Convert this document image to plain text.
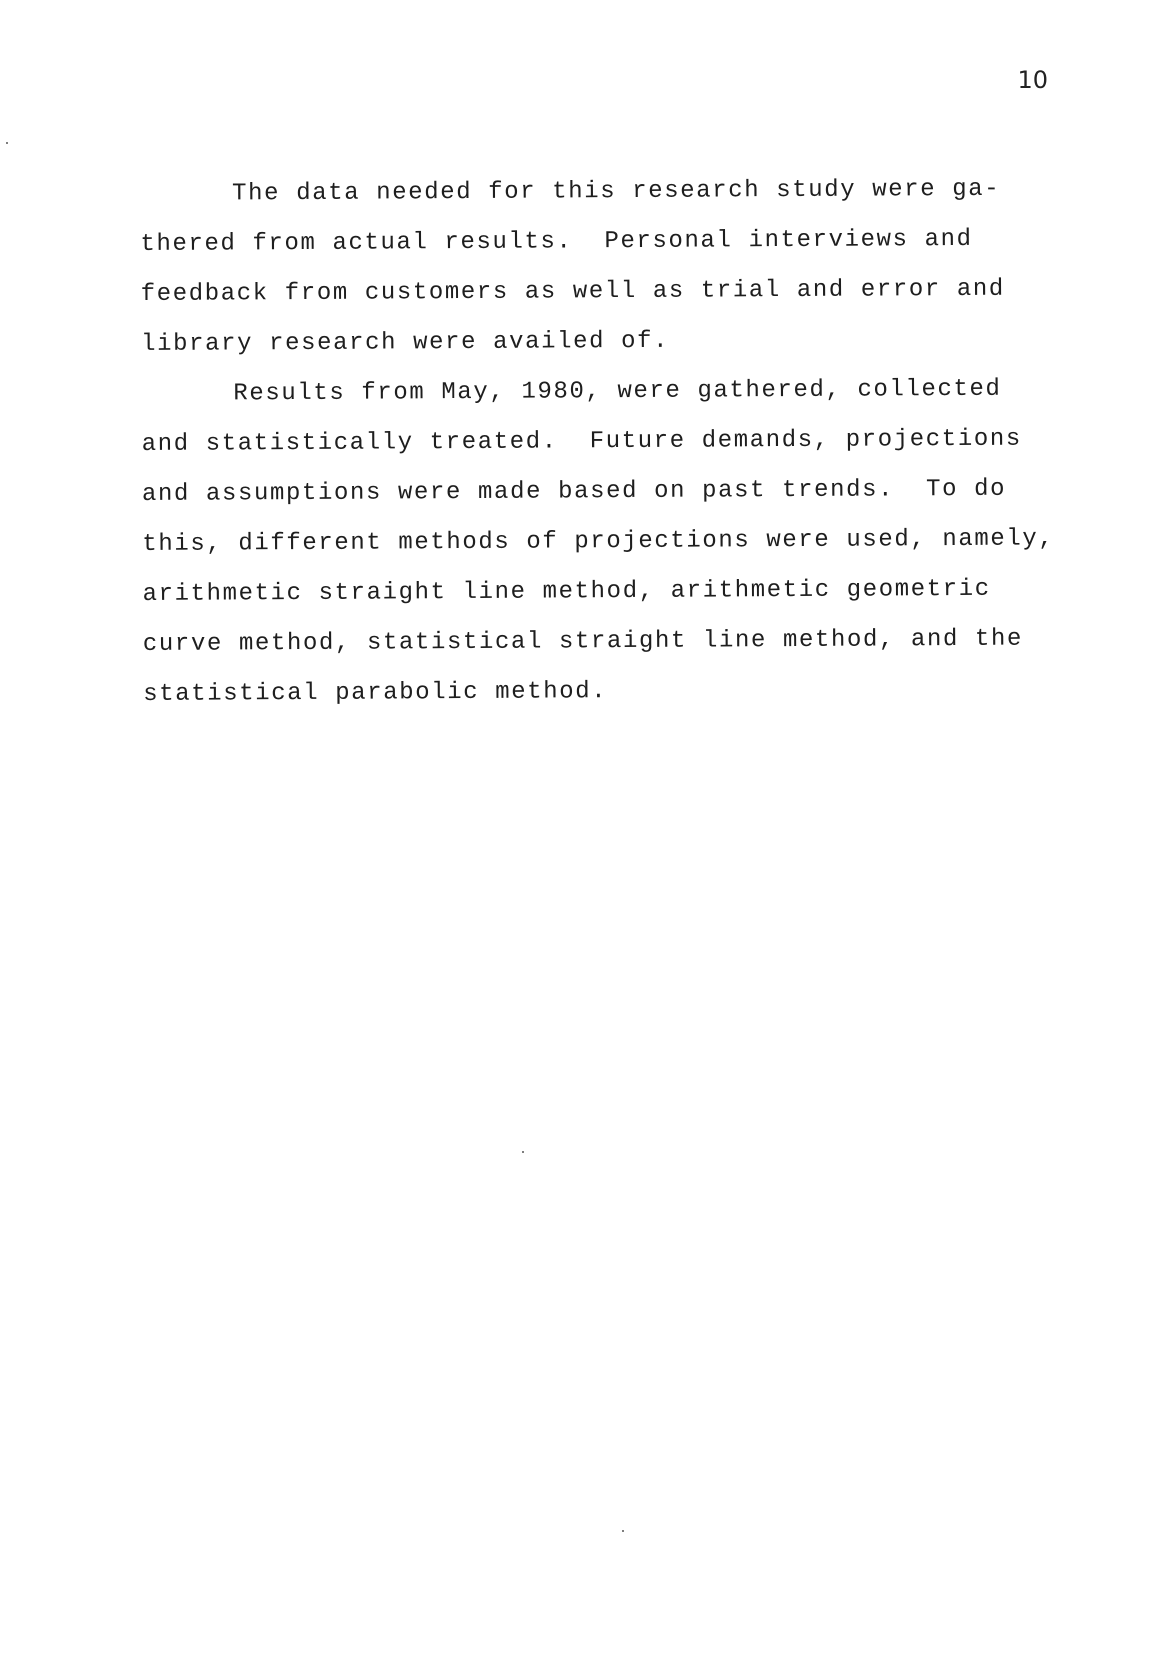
10
The data needed for this research study were ga-
thered from actual results.  Personal interviews and
feedback from customers as well as trial and error and
library research were availed of.
Results from May, 1980, were gathered, collected
and statistically treated.  Future demands, projections
and assumptions were made based on past trends.  To do
this, different methods of projections were used, namely,
arithmetic straight line method, arithmetic geometric
curve method, statistical straight line method, and the
statistical parabolic method.
